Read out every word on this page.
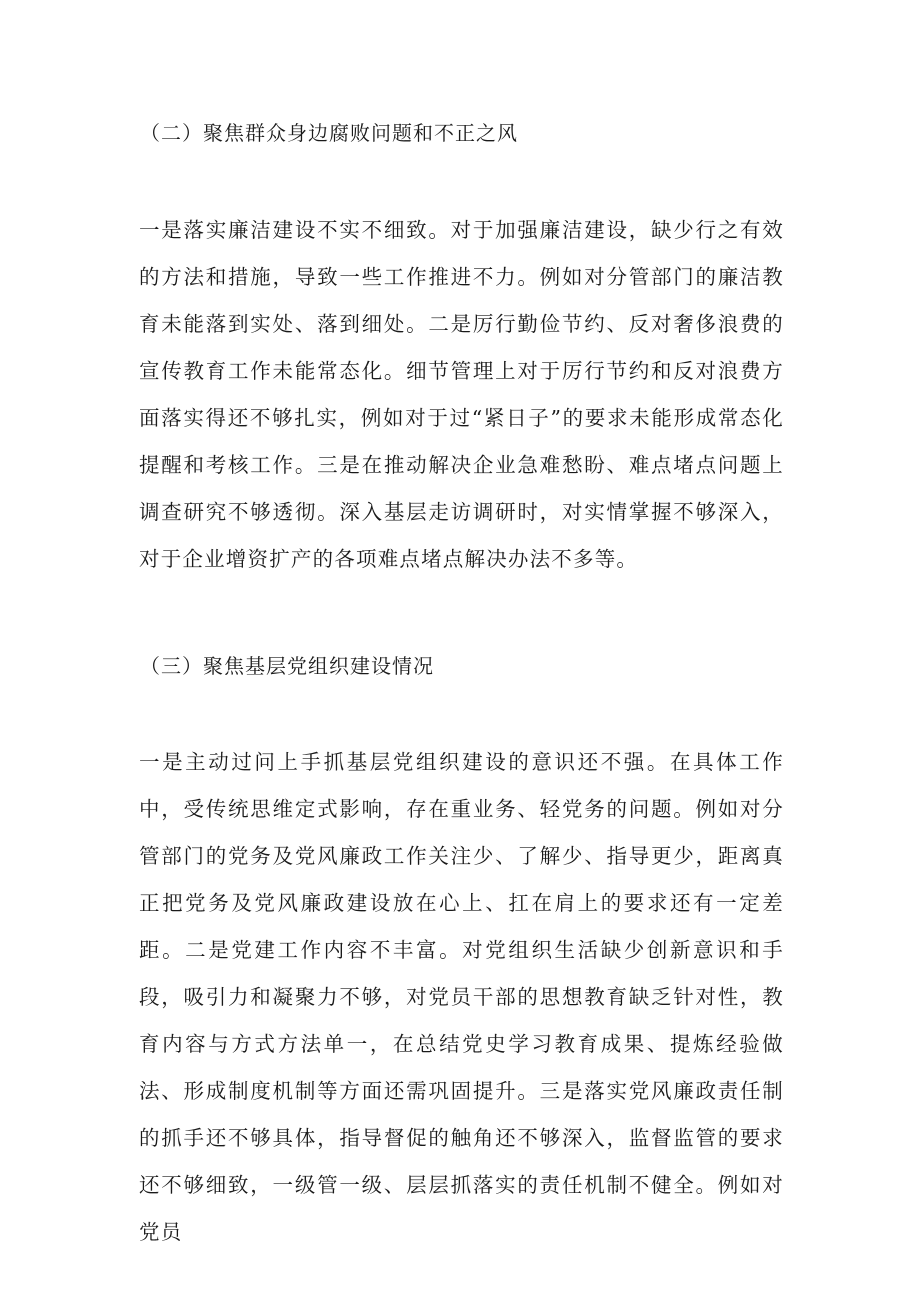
（二）聚焦群众身边腐败问题和不正之风

一是落实廉洁建设不实不细致。对于加强廉洁建设，缺少行之有效的方法和措施，导致一些工作推进不力。例如对分管部门的廉洁教育未能落到实处、落到细处。二是厉行勤俭节约、反对奢侈浪费的宣传教育工作未能常态化。细节管理上对于厉行节约和反对浪费方面落实得还不够扎实，例如对于过“紧日子”的要求未能形成常态化提醒和考核工作。三是在推动解决企业急难愁盼、难点堵点问题上调查研究不够透彻。深入基层走访调研时，对实情掌握不够深入，对于企业增资扩产的各项难点堵点解决办法不多等。

（三）聚焦基层党组织建设情况

一是主动过问上手抓基层党组织建设的意识还不强。在具体工作中，受传统思维定式影响，存在重业务、轻党务的问题。例如对分管部门的党务及党风廉政工作关注少、了解少、指导更少，距离真正把党务及党风廉政建设放在心上、扛在肩上的要求还有一定差距。二是党建工作内容不丰富。对党组织生活缺少创新意识和手段，吸引力和凝聚力不够，对党员干部的思想教育缺乏针对性，教育内容与方式方法单一，在总结党史学习教育成果、提炼经验做法、形成制度机制等方面还需巩固提升。三是落实党风廉政责任制的抓手还不够具体，指导督促的触角还不够深入，监督监管的要求还不够细致，一级管一级、层层抓落实的责任机制不健全。例如对党员
